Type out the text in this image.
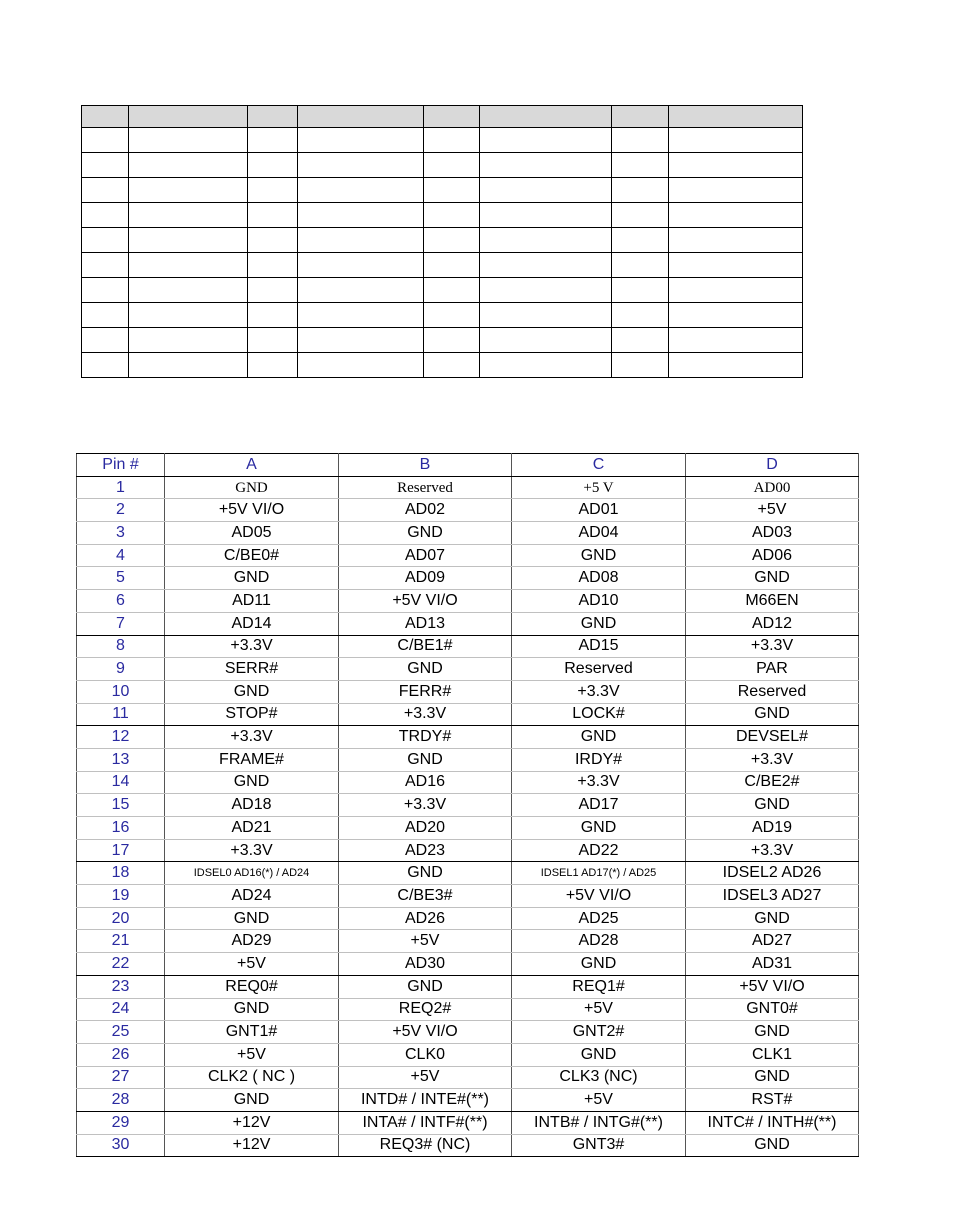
Pin #	A	B	C	D
1	GND	Reserved	+5 V	AD00
2	+5V VI/O	AD02	AD01	+5V
3	AD05	GND	AD04	AD03
4	C/BE0#	AD07	GND	AD06
5	GND	AD09	AD08	GND
6	AD11	+5V VI/O	AD10	M66EN
7	AD14	AD13	GND	AD12
8	+3.3V	C/BE1#	AD15	+3.3V
9	SERR#	GND	Reserved	PAR
10	GND	FERR#	+3.3V	Reserved
11	STOP#	+3.3V	LOCK#	GND
12	+3.3V	TRDY#	GND	DEVSEL#
13	FRAME#	GND	IRDY#	+3.3V
14	GND	AD16	+3.3V	C/BE2#
15	AD18	+3.3V	AD17	GND
16	AD21	AD20	GND	AD19
17	+3.3V	AD23	AD22	+3.3V
18	IDSEL0 AD16(*) / AD24	GND	IDSEL1 AD17(*) / AD25	IDSEL2 AD26
19	AD24	C/BE3#	+5V VI/O	IDSEL3 AD27
20	GND	AD26	AD25	GND
21	AD29	+5V	AD28	AD27
22	+5V	AD30	GND	AD31
23	REQ0#	GND	REQ1#	+5V VI/O
24	GND	REQ2#	+5V	GNT0#
25	GNT1#	+5V VI/O	GNT2#	GND
26	+5V	CLK0	GND	CLK1
27	CLK2 ( NC )	+5V	CLK3 (NC)	GND
28	GND	INTD# / INTE#(**)	+5V	RST#
29	+12V	INTA# / INTF#(**)	INTB# / INTG#(**)	INTC# / INTH#(**)
30	+12V	REQ3# (NC)	GNT3#	GND
